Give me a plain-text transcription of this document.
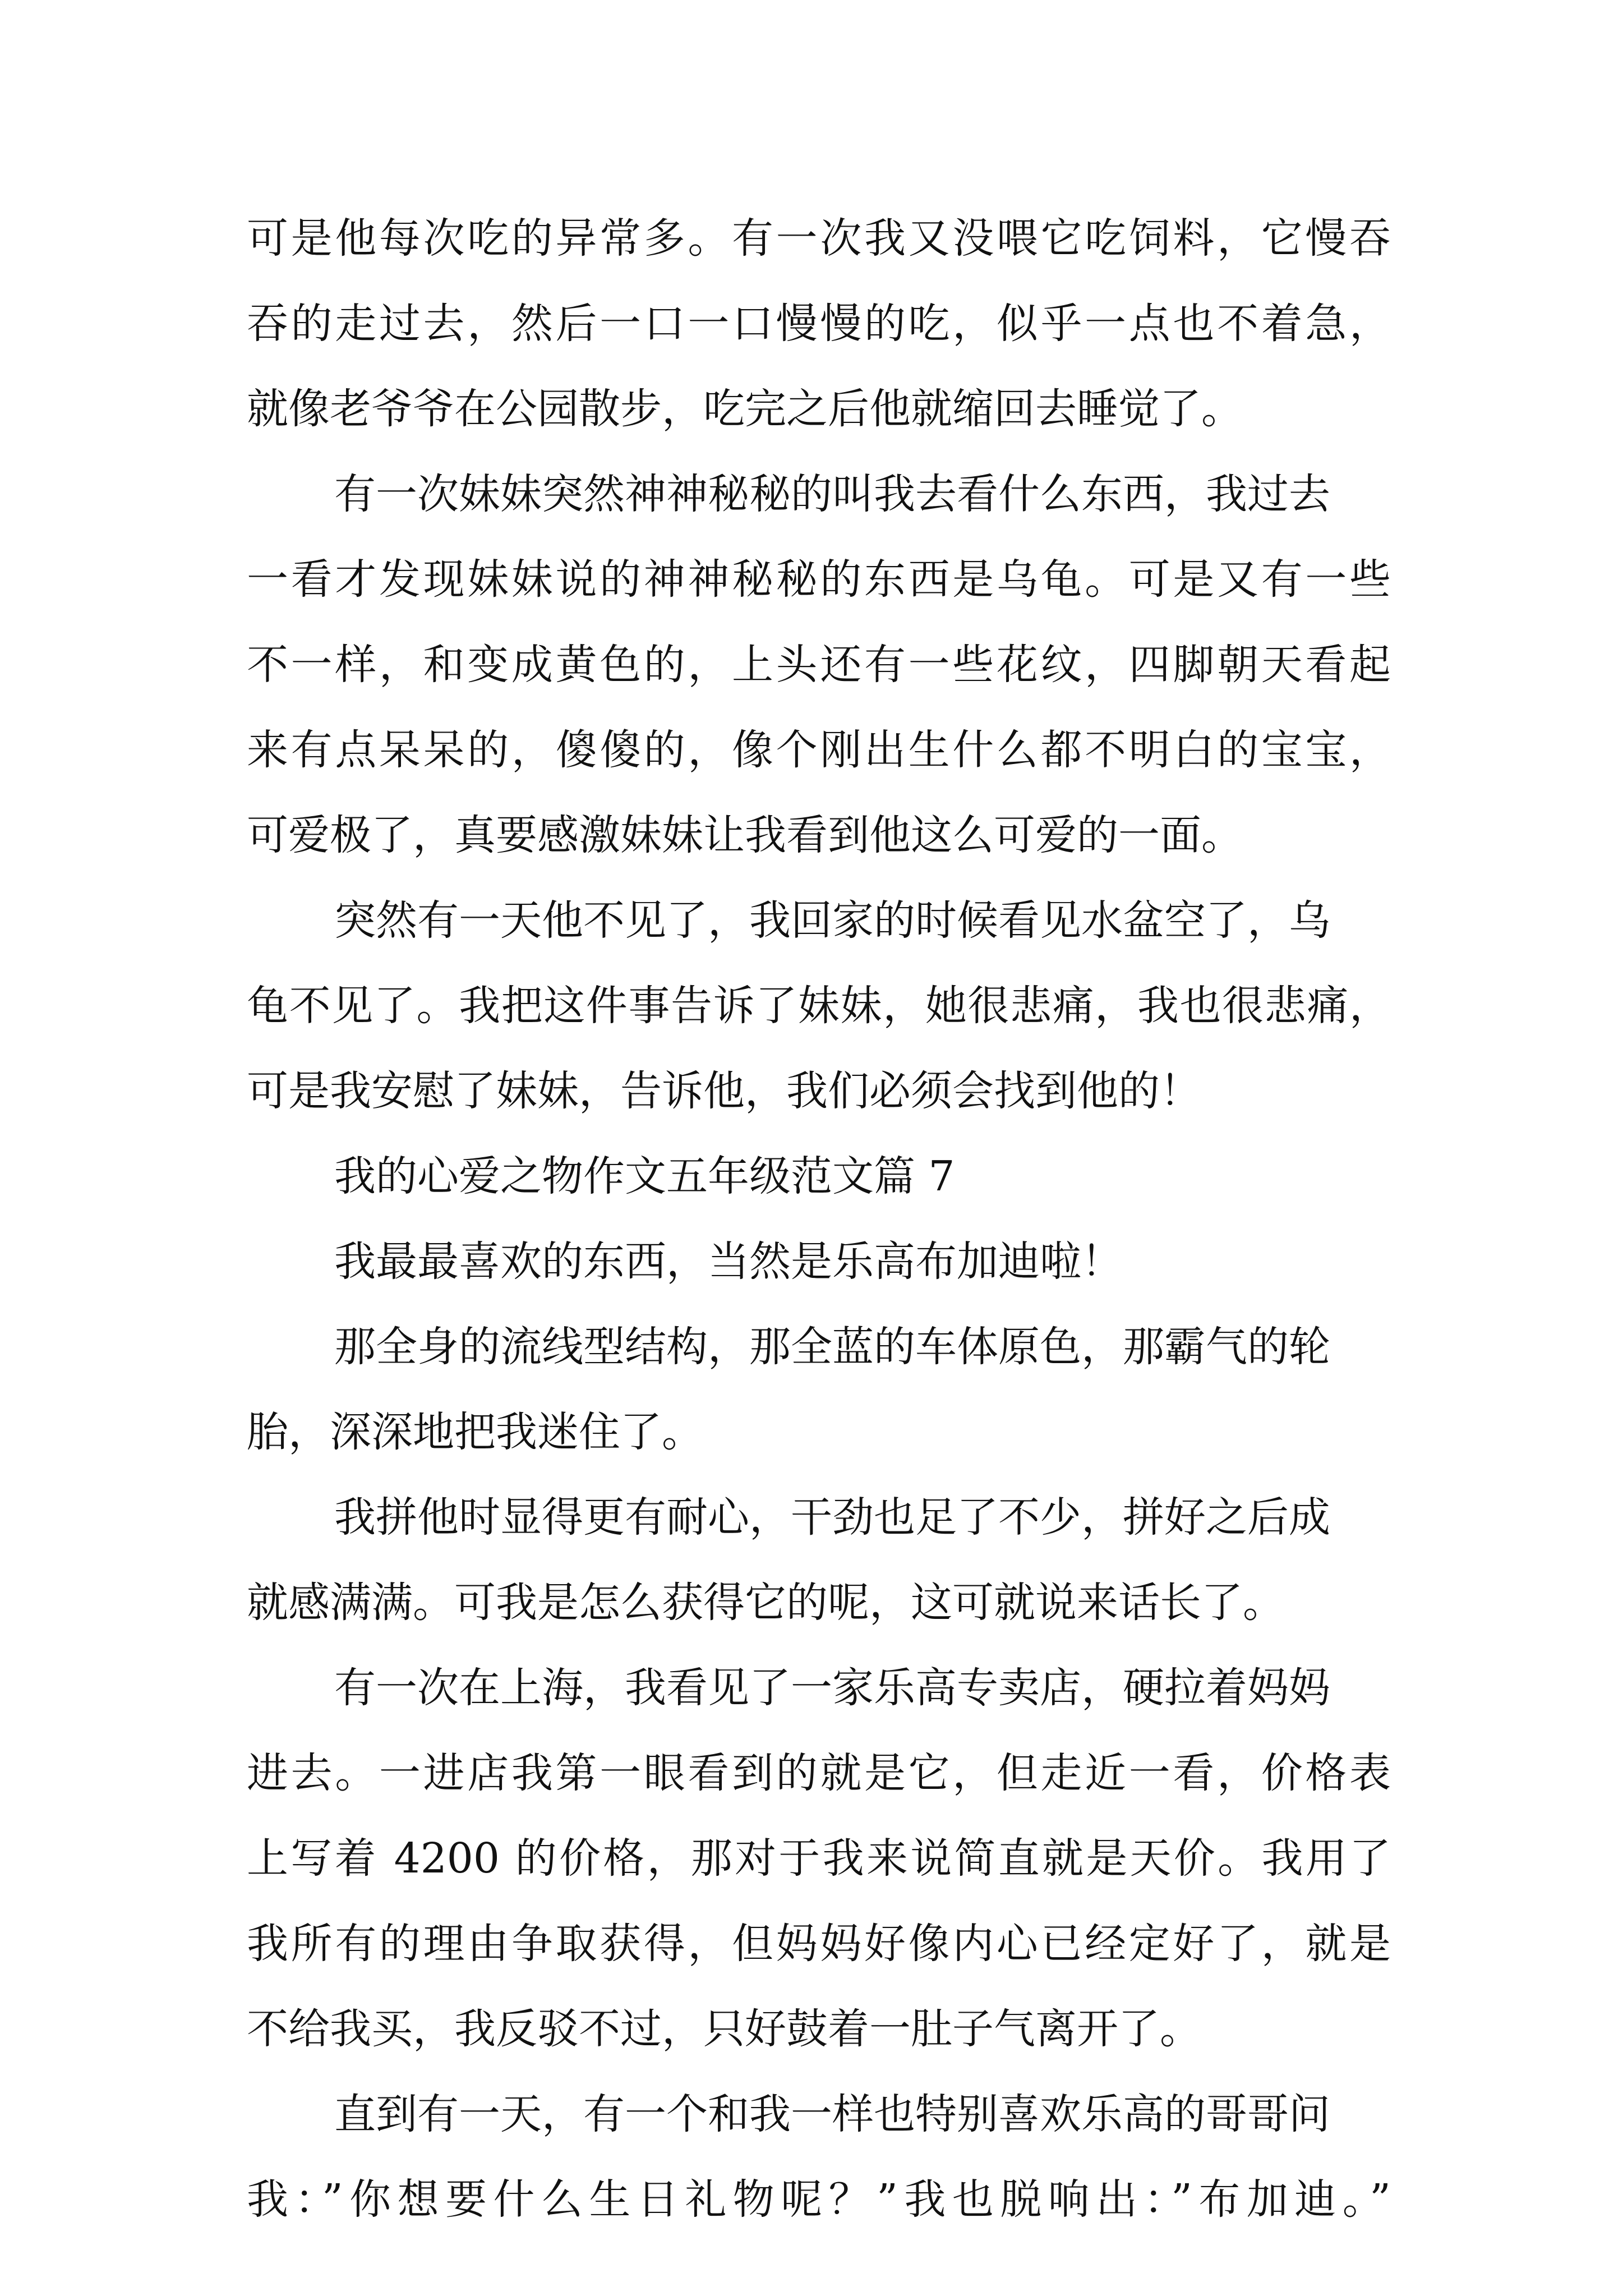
可是他每次吃的异常多。有一次我又没喂它吃饲料，它慢吞
吞的走过去，然后一口一口慢慢的吃，似乎一点也不着急，
就像老爷爷在公园散步，吃完之后他就缩回去睡觉了。
有一次妹妹突然神神秘秘的叫我去看什么东西，我过去
一看才发现妹妹说的神神秘秘的东西是乌龟。可是又有一些
不一样，和变成黄色的，上头还有一些花纹，四脚朝天看起
来有点呆呆的，傻傻的，像个刚出生什么都不明白的宝宝，
可爱极了，真要感激妹妹让我看到他这么可爱的一面。
突然有一天他不见了，我回家的时候看见水盆空了，乌
龟不见了。我把这件事告诉了妹妹，她很悲痛，我也很悲痛，
可是我安慰了妹妹，告诉他，我们必须会找到他的！
我的心爱之物作文五年级范文篇 7
我最最喜欢的东西，当然是乐高布加迪啦！
那全身的流线型结构，那全蓝的车体原色，那霸气的轮
胎，深深地把我迷住了。
我拼他时显得更有耐心，干劲也足了不少，拼好之后成
就感满满。可我是怎么获得它的呢，这可就说来话长了。
有一次在上海，我看见了一家乐高专卖店，硬拉着妈妈
进去。一进店我第一眼看到的就是它，但走近一看，价格表
上写着 4200 的价格，那对于我来说简直就是天价。我用了
我所有的理由争取获得，但妈妈好像内心已经定好了，就是
不给我买，我反驳不过，只好鼓着一肚子气离开了。
直到有一天，有一个和我一样也特别喜欢乐高的哥哥问
我：”你想要什么生日礼物呢？”我也脱响出：”布加迪。”
